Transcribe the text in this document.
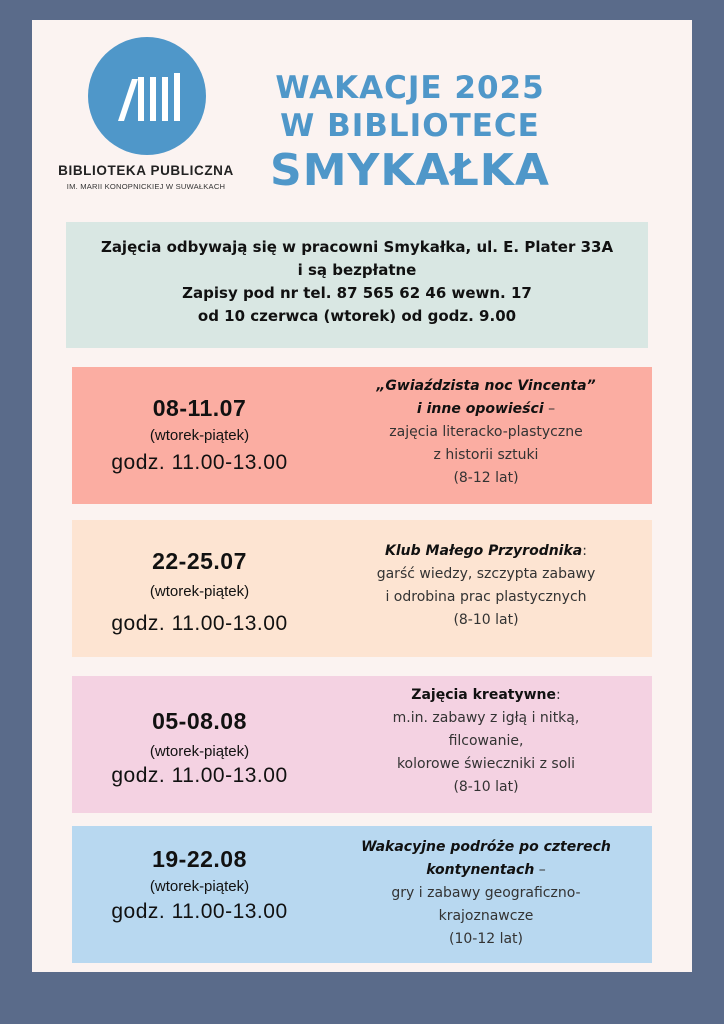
BIBLIOTEKA PUBLICZNA
IM. MARII KONOPNICKIEJ W SUWAŁKACH
WAKACJE 2025
W BIBLIOTECE
SMYKAŁKA
Zajęcia odbywają się w pracowni Smykałka, ul. E. Plater 33A
i są bezpłatne
Zapisy pod nr tel. 87 565 62 46 wewn. 17
od 10 czerwca (wtorek) od godz. 9.00
08-11.07
(wtorek-piątek)
godz. 11.00-13.00
„Gwiaździsta noc Vincenta”
i inne opowieści –
zajęcia literacko-plastyczne
z historii sztuki
(8-12 lat)
22-25.07
(wtorek-piątek)
godz. 11.00-13.00
Klub Małego Przyrodnika:
garść wiedzy, szczypta zabawy
i odrobina prac plastycznych
(8-10 lat)
05-08.08
(wtorek-piątek)
godz. 11.00-13.00
Zajęcia kreatywne:
m.in. zabawy z igłą i nitką,
filcowanie,
kolorowe świeczniki z soli
(8-10 lat)
19-22.08
(wtorek-piątek)
godz. 11.00-13.00
Wakacyjne podróże po czterech
kontynentach –
gry i zabawy geograficzno-
krajoznawcze
(10-12 lat)
